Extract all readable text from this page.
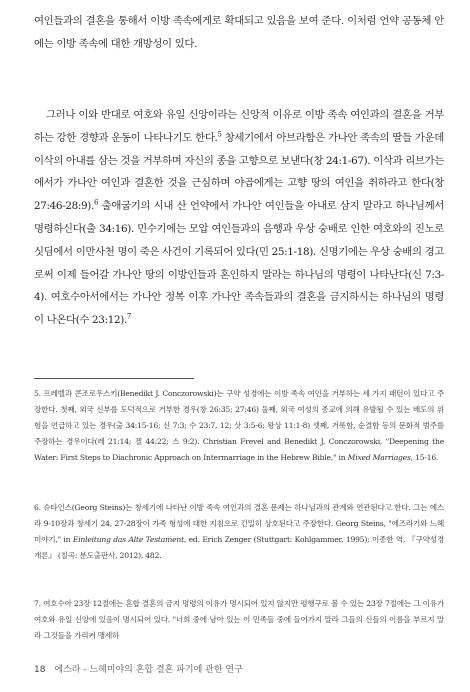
여인들과의 결혼을 통해서 이방 족속에게로 확대되고 있음을 보여 준다. 이처럼 언약 공동체 안에는 이방 족속에 대한 개방성이 있다.

그러나 이와 반대로 여호와 유일 신앙이라는 신앙적 이유로 이방 족속 여인과의 결혼을 거부하는 강한 경향과 운동이 나타나기도 한다.$^5$ 창세기에서 아브라함은 가나안 족속의 딸들 가운데 이삭의 아내를 삼는 것을 거부하며 자신의 종을 고향으로 보낸다(창 24:1-67). 이삭과 리브가는 에서가 가나안 여인과 결혼한 것을 근심하며 야곱에게는 고향 땅의 여인을 취하라고 한다(창 27:46-28:9).$^6$ 출애굽기의 시내 산 언약에서 가나안 여인들을 아내로 삼지 말라고 하나님께서 명령하신다(출 34:16). 민수기에는 모압 여인들과의 음행과 우상 숭배로 인한 여호와의 진노로 싯딤에서 이만사천 명이 죽은 사건이 기록되어 있다(민 25:1-18). 신명기에는 우상 숭배의 경고로써 이제 들어갈 가나안 땅의 이방인들과 혼인하지 말라는 하나님의 명령이 나타난다(신 7:3-4). 여호수아서에서는 가나안 정복 이후 가나안 족속들과의 결혼을 금지하시는 하나님의 명령이 나온다(수 23:12).$^7$

5. 프레벨과 콘조로우스키(Benedikt J. Conczorowski)는 구약 성경에는 이방 족속 여인을 거부하는 세 가지 패턴이 있다고 주장한다. 첫째, 외국 신부를 도덕적으로 거부한 경우(창 26:35; 27:46) 둘째, 외국 여성의 종교에 의해 유발될 수 있는 배도의 위험을 언급하고 있는 경우(출 34:15-16; 신 7:3; 수 23:7, 12; 삿 3:5-6; 왕상 11:1-8) 셋째, 거룩함, 순결함 등의 문화적 범주를 주장하는 경우이다(레 21:14; 겔 44:22; 스 9:2). Christian Frevel and Benedikt J. Conczorowski, "Deepening the Water: First Steps to Diachronic Approach on Intermarriage in the Hebrew Bible," in Mixed Marriages, 15-16.

6. 슈타인스(Georg Steins)는 창세기에 나타난 이방 족속 여인과의 결혼 문제는 하나님과의 관계와 연관된다고 한다. 그는 에스라 9-10장과 창세기 24, 27-28장이 가족 형성에 대한 지침으로 긴밀히 상호된다고 주장한다. Georg Steins, "에즈라기와 느헤미야기," in Einleitung das Alte Testament, ed. Erich Zenger (Stuttgart: Kohlgammer, 1995); 이종한 역, 『구약성경개론』 (칠곡: 분도출판사, 2012), 482.

7. 여호수아 23장 12절에는 혼합 결혼의 금지 명령의 이유가 명시되어 있지 않지만 평행구로 볼 수 있는 23장 7절에는 그 이유가 여호와 유일 신앙에 있음이 명시되어 있다. "너희 중에 남아 있는 이 민족들 중에 들어가지 말라 그들의 신들의 이름을 부르지 말라 그것들을 가리켜 맹세하

18 에스라 - 느헤미야의 혼합 결혼 파기에 관한 연구
